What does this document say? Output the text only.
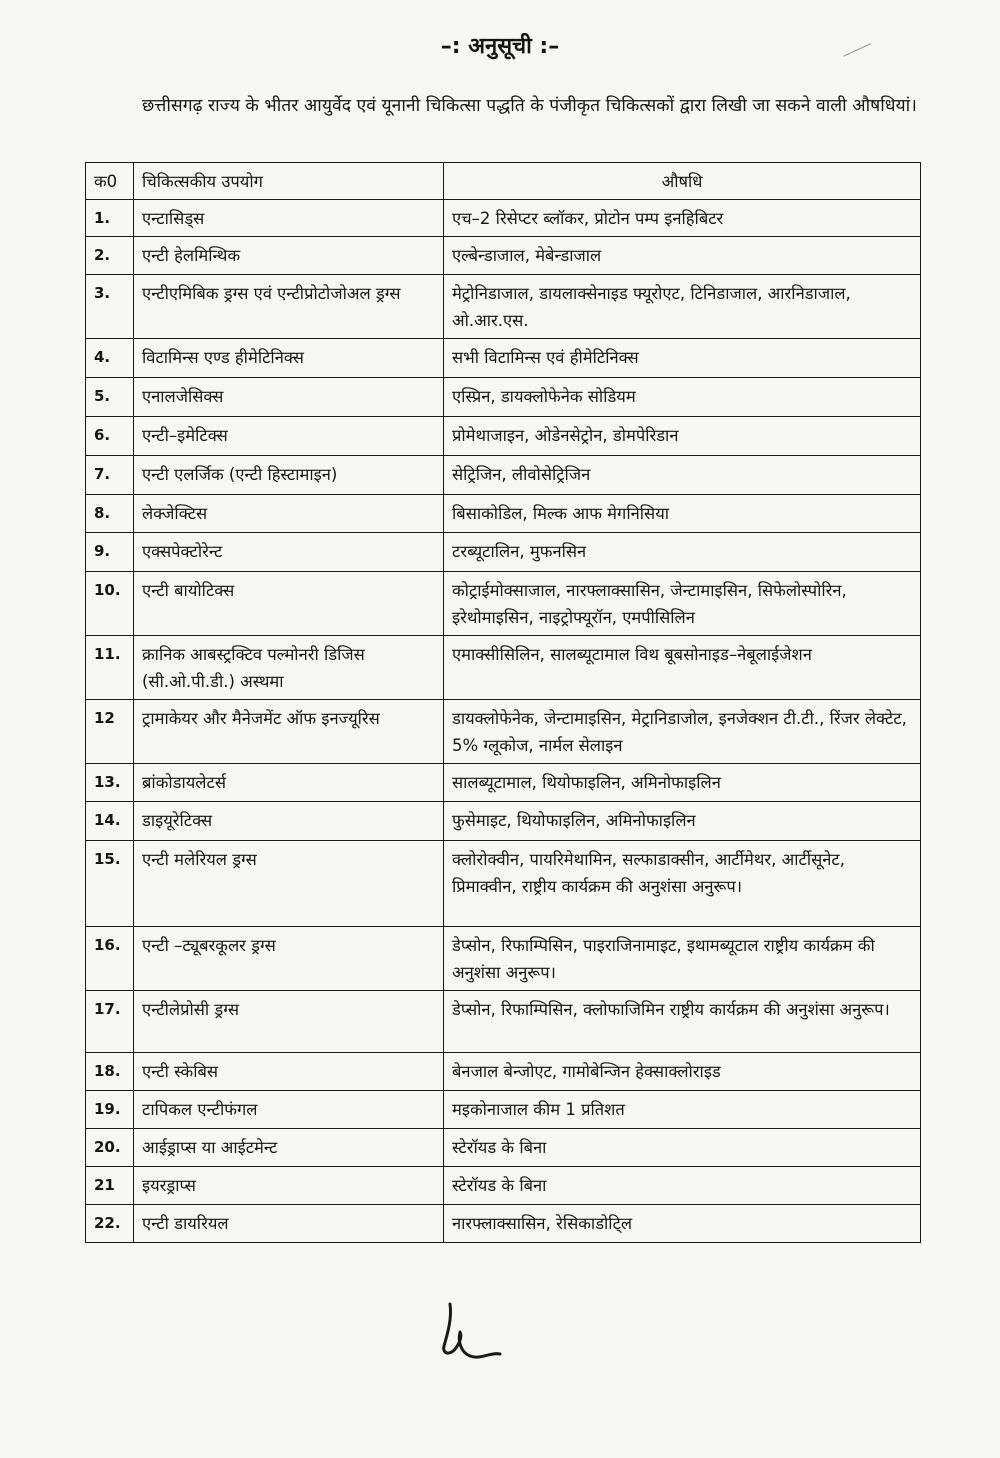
–: अनुसूची :–
छत्तीसगढ़ राज्य के भीतर आयुर्वेद एवं यूनानी चिकित्सा पद्धति के पंजीकृत चिकित्सकों द्वारा लिखी जा सकने वाली औषधियां।
क0	चिकित्सकीय उपयोग	औषधि
1.	एन्टासिड्स	एच–2 रिसेप्टर ब्लॉकर, प्रोटोन पम्प इनहिबिटर
2.	एन्टी हेलमिन्थिक	एल्बेन्डाजाल, मेबेन्डाजाल
3.	एन्टीएमिबिक ड्रग्स एवं एन्टीप्रोटोजोअल ड्रग्स	मेट्रोनिडाजाल, डायलाक्सेनाइड फ्यूरोएट, टिनिडाजाल, आरनिडाजाल, ओ.आर.एस.
4.	विटामिन्स एण्ड हीमेटिनिक्स	सभी विटामिन्स एवं हीमेटिनिक्स
5.	एनालजेसिक्स	एस्प्रिन, डायक्लोफेनेक सोडियम
6.	एन्टी–इमेटिक्स	प्रोमेथाजाइन, ओडेनसेट्रोन, डोमपेरिडान
7.	एन्टी एलर्जिक (एन्टी हिस्टामाइन)	सेट्रिजिन, लीवोसेट्रिजिन
8.	लेक्जेक्टिस	बिसाकोडिल, मिल्क आफ मेगनिसिया
9.	एक्सपेक्टोरेन्ट	टरब्यूटालिन, मुफनसिन
10.	एन्टी बायोटिक्स	कोट्राईमोक्साजाल, नारफ्लाक्सासिन, जेन्टामाइसिन, सिफेलोस्पोरिन, इरेथोमाइसिन, नाइट्रोफ्यूरॉन, एमपीसिलिन
11.	क्रानिक आबस्ट्रक्टिव पल्मोनरी डिजिस (सी.ओ.पी.डी.) अस्थमा	एमाक्सीसिलिन, सालब्यूटामाल विथ बूबसोनाइड–नेबूलाईजेशन
12	ट्रामाकेयर और मैनेजमेंट ऑफ इनज्यूरिस	डायक्लोफेनेक, जेन्टामाइसिन, मेट्रानिडाजोल, इनजेक्शन टी.टी., रिंजर लेक्टेट, 5% ग्लूकोज, नार्मल सेलाइन
13.	ब्रांकोडायलेटर्स	सालब्यूटामाल, थियोफाइलिन, अमिनोफाइलिन
14.	डाइयूरेटिक्स	फुसेमाइट, थियोफाइलिन, अमिनोफाइलिन
15.	एन्टी मलेरियल ड्रग्स	क्लोरोक्वीन, पायरिमेथामिन, सल्फाडाक्सीन, आर्टीमेथर, आर्टीसूनेट, प्रिमाक्वीन, राष्ट्रीय कार्यक्रम की अनुशंसा अनुरूप।
16.	एन्टी –ट्यूबरकूलर ड्रग्स	डेप्सोन, रिफाम्पिसिन, पाइराजिनामाइट, इथामब्यूटाल राष्ट्रीय कार्यक्रम की अनुशंसा अनुरूप।
17.	एन्टीलेप्रोसी ड्रग्स	डेप्सोन, रिफाम्पिसिन, क्लोफाजिमिन राष्ट्रीय कार्यक्रम की अनुशंसा अनुरूप।
18.	एन्टी स्केबिस	बेनजाल बेन्जोएट, गामोबेन्जिन हेक्साक्लोराइड
19.	टापिकल एन्टीफंगल	मइकोनाजाल कीम 1 प्रतिशत
20.	आईड्राप्स या आईटमेन्ट	स्टेरॉयड के बिना
21	इयरड्राप्स	स्टेरॉयड के बिना
22.	एन्टी डायरियल	नारफ्लाक्सासिन, रेसिकाडोटि्ल
